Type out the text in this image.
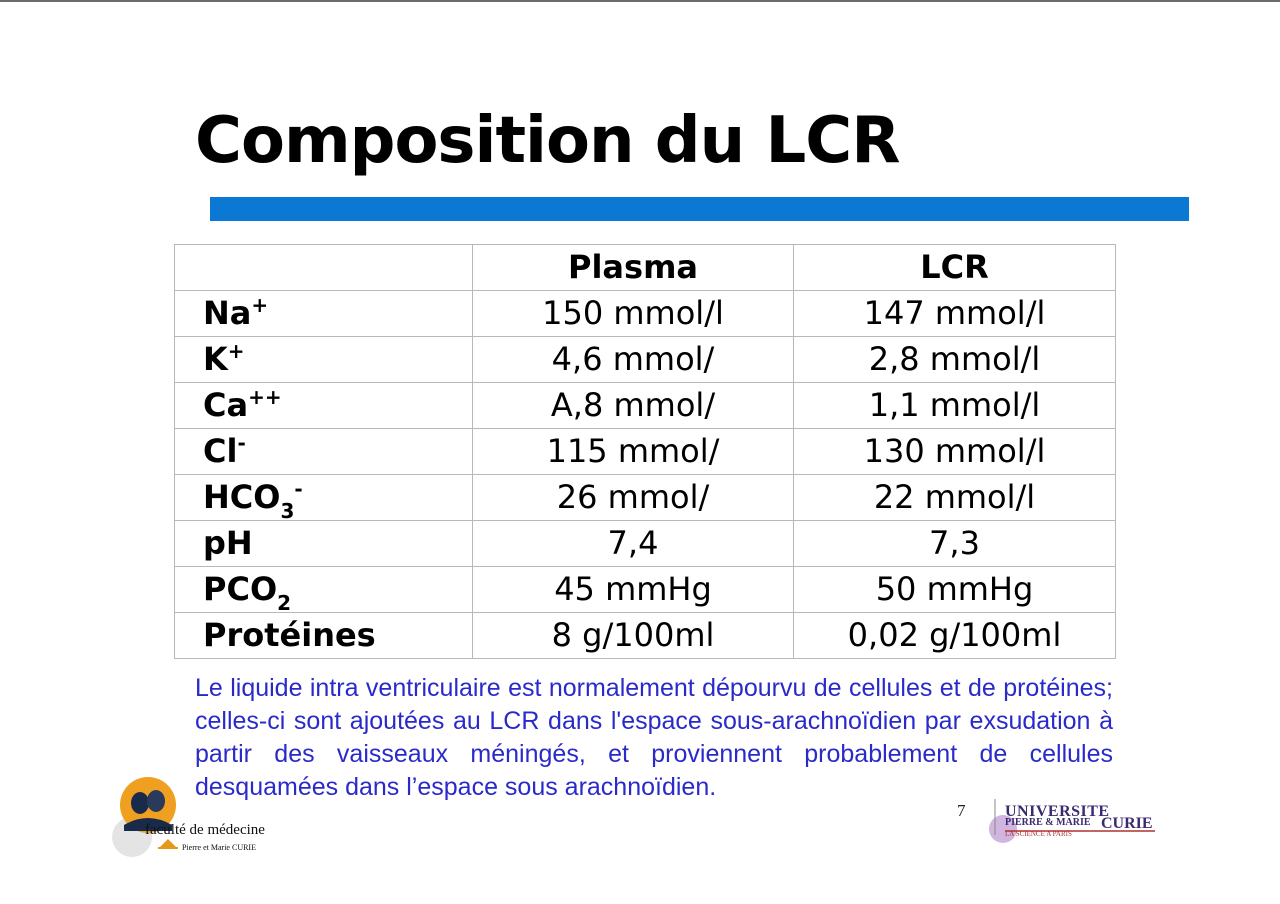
Composition du LCR
	Plasma	LCR
Na+	150 mmol/l	147 mmol/l
K+	4,6 mmol/	2,8 mmol/l
Ca++	A,8 mmol/	1,1 mmol/l
Cl-	115 mmol/	130 mmol/l
$HCO_3^-$	26 mmol/	22 mmol/l
pH	7,4	7,3
$PCO_2$	45 mmHg	50 mmHg
Protéines	8 g/100ml	0,02 g/100ml
Le liquide intra ventriculaire est normalement dépourvu de cellules et de protéines; celles-ci sont ajoutées au LCR dans l'espace sous-arachnoïdien par exsudation à partir des vaisseaux méningés, et proviennent probablement de cellules desquamées dans l’espace sous arachnoïdien.
faculté de médecine
Pierre et Marie CURIE
7 UNIVERSITE
PIERRE & MARIE CURIE
LA SCIENCE A PARIS
